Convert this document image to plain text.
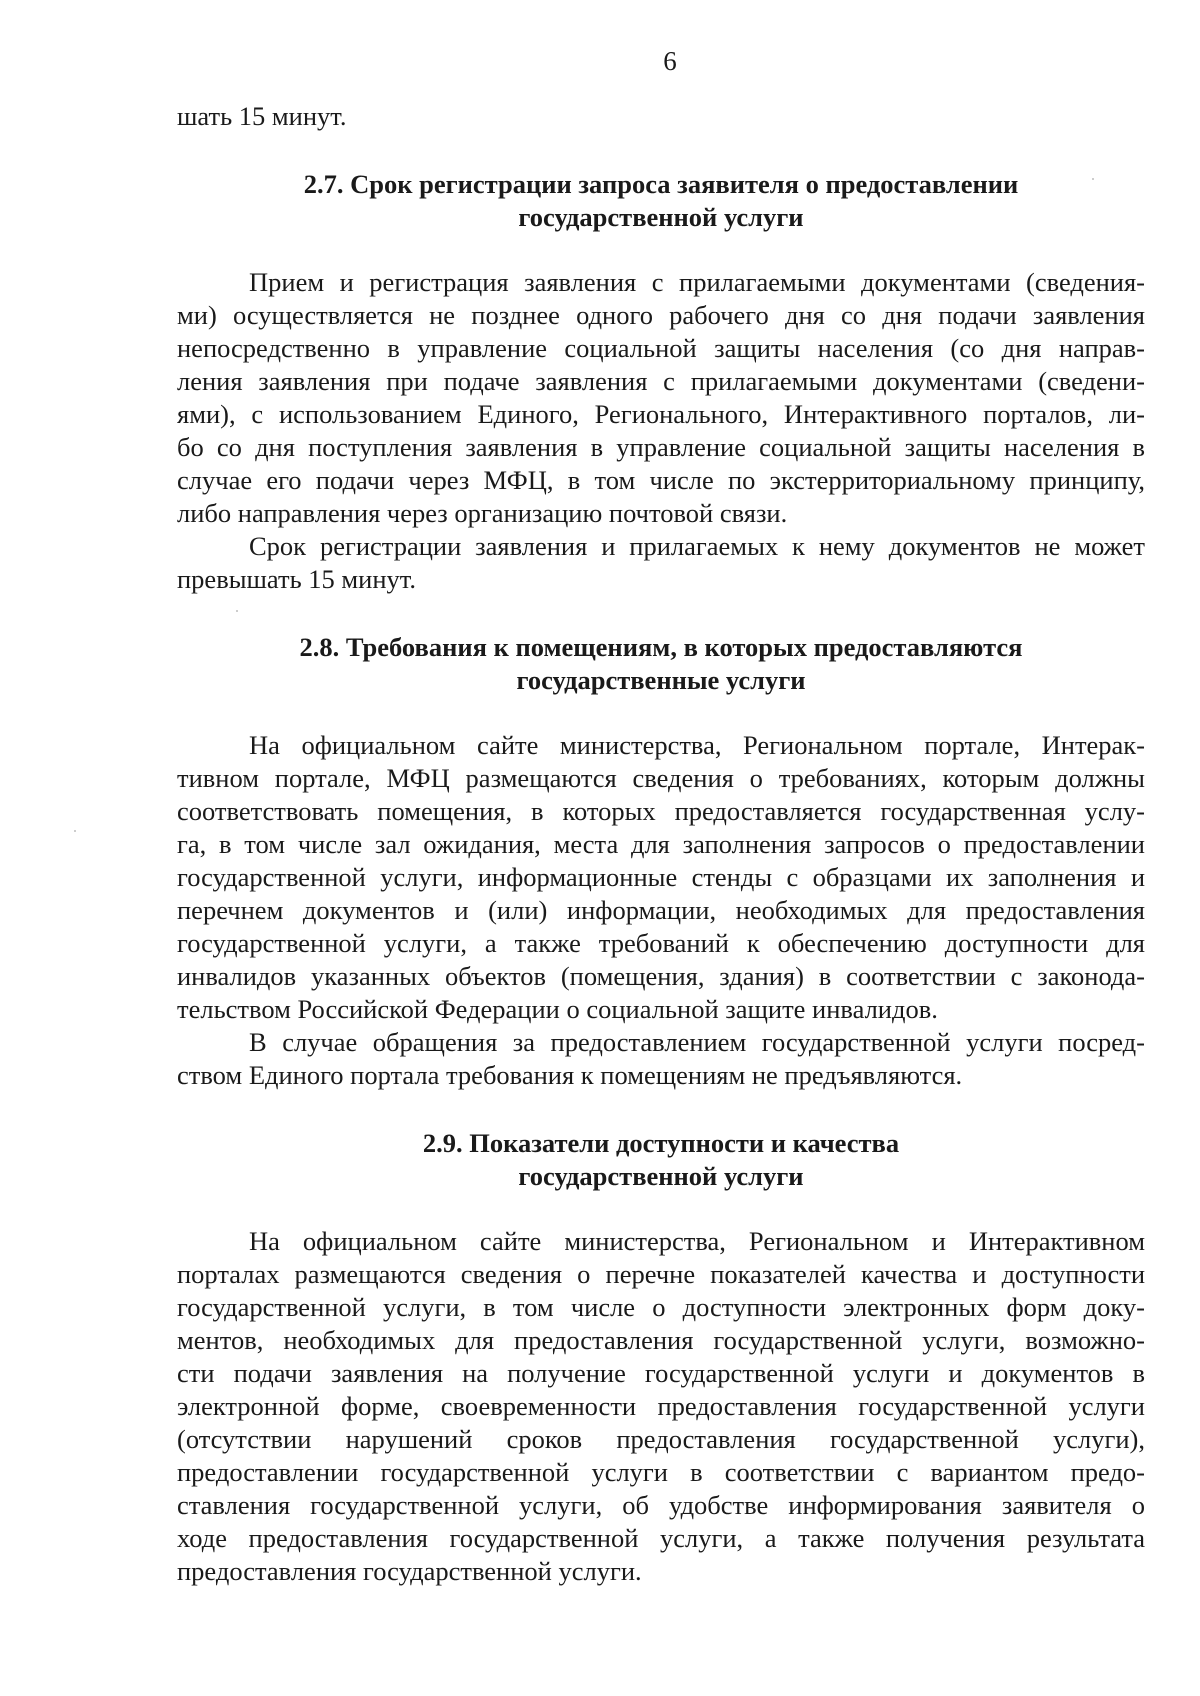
6
шать 15 минут.
2.7. Срок регистрации запроса заявителя о предоставлении
государственной услуги
Прием и регистрация заявления с прилагаемыми документами (сведения-
ми) осуществляется не позднее одного рабочего дня со дня подачи заявления
непосредственно в управление социальной защиты населения (со дня направ-
ления заявления при подаче заявления с прилагаемыми документами (сведени-
ями), с использованием Единого, Регионального, Интерактивного порталов, ли-
бо со дня поступления заявления в управление социальной защиты населения в
случае его подачи через МФЦ, в том числе по экстерриториальному принципу,
либо направления через организацию почтовой связи.
Срок регистрации заявления и прилагаемых к нему документов не может
превышать 15 минут.
2.8. Требования к помещениям, в которых предоставляются
государственные услуги
На официальном сайте министерства, Региональном портале, Интерак-
тивном портале, МФЦ размещаются сведения о требованиях, которым должны
соответствовать помещения, в которых предоставляется государственная услу-
га, в том числе зал ожидания, места для заполнения запросов о предоставлении
государственной услуги, информационные стенды с образцами их заполнения и
перечнем документов и (или) информации, необходимых для предоставления
государственной услуги, а также требований к обеспечению доступности для
инвалидов указанных объектов (помещения, здания) в соответствии с законода-
тельством Российской Федерации о социальной защите инвалидов.
В случае обращения за предоставлением государственной услуги посред-
ством Единого портала требования к помещениям не предъявляются.
2.9. Показатели доступности и качества
государственной услуги
На официальном сайте министерства, Региональном и Интерактивном
порталах размещаются сведения о перечне показателей качества и доступности
государственной услуги, в том числе о доступности электронных форм доку-
ментов, необходимых для предоставления государственной услуги, возможно-
сти подачи заявления на получение государственной услуги и документов в
электронной форме, своевременности предоставления государственной услуги
(отсутствии нарушений сроков предоставления государственной услуги),
предоставлении государственной услуги в соответствии с вариантом предо-
ставления государственной услуги, об удобстве информирования заявителя о
ходе предоставления государственной услуги, а также получения результата
предоставления государственной услуги.
